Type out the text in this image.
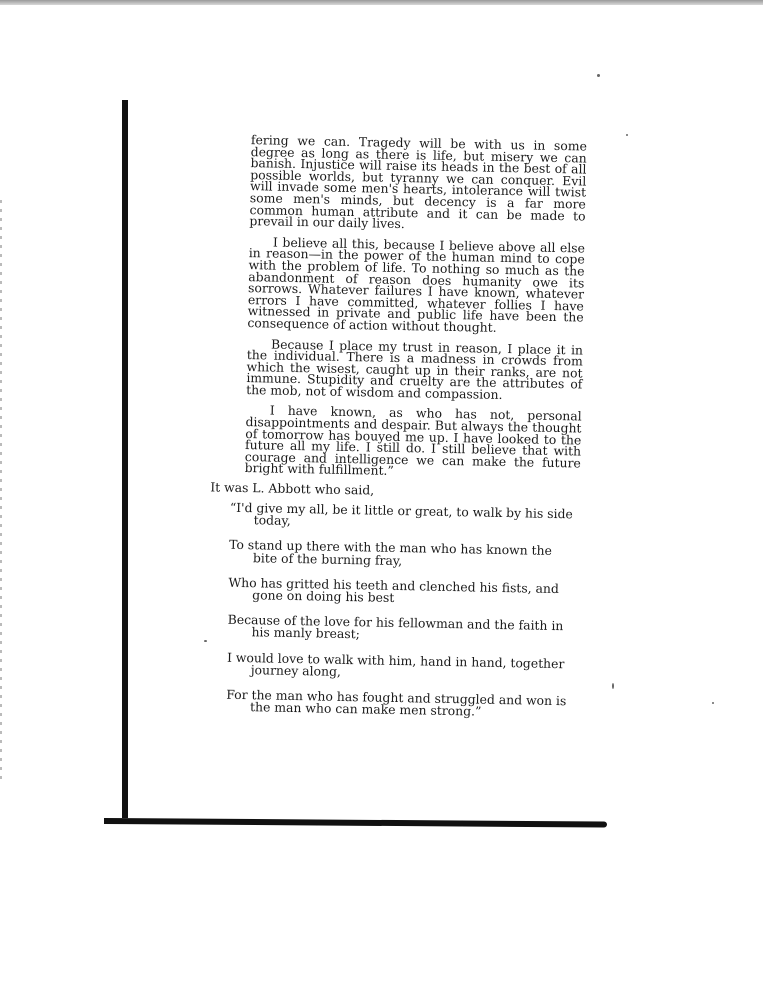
fering we can. Tragedy will be with us in some degree as long as there is life, but misery we can banish. Injustice will raise its heads in the best of all possible worlds, but tyranny we can conquer. Evil will invade some men's hearts, intolerance will twist some men's minds, but decency is a far more common human attribute and it can be made to prevail in our daily lives.

I believe all this, because I believe above all else in reason—in the power of the human mind to cope with the problem of life. To nothing so much as the abandonment of reason does humanity owe its sorrows. Whatever failures I have known, whatever errors I have committed, whatever follies I have witnessed in private and public life have been the consequence of action without thought.

Because I place my trust in reason, I place it in the individual. There is a madness in crowds from which the wisest, caught up in their ranks, are not immune. Stupidity and cruelty are the attributes of the mob, not of wisdom and compassion.

I have known, as who has not, personal disappointments and despair. But always the thought of tomorrow has bouyed me up. I have looked to the future all my life. I still do. I still believe that with courage and intelligence we can make the future bright with fulfillment.”

It was L. Abbott who said,

“I'd give my all, be it little or great, to walk by his side today,
To stand up there with the man who has known the bite of the burning fray,
Who has gritted his teeth and clenched his fists, and gone on doing his best
Because of the love for his fellowman and the faith in his manly breast;
I would love to walk with him, hand in hand, together journey along,
For the man who has fought and struggled and won is the man who can make men strong.”
